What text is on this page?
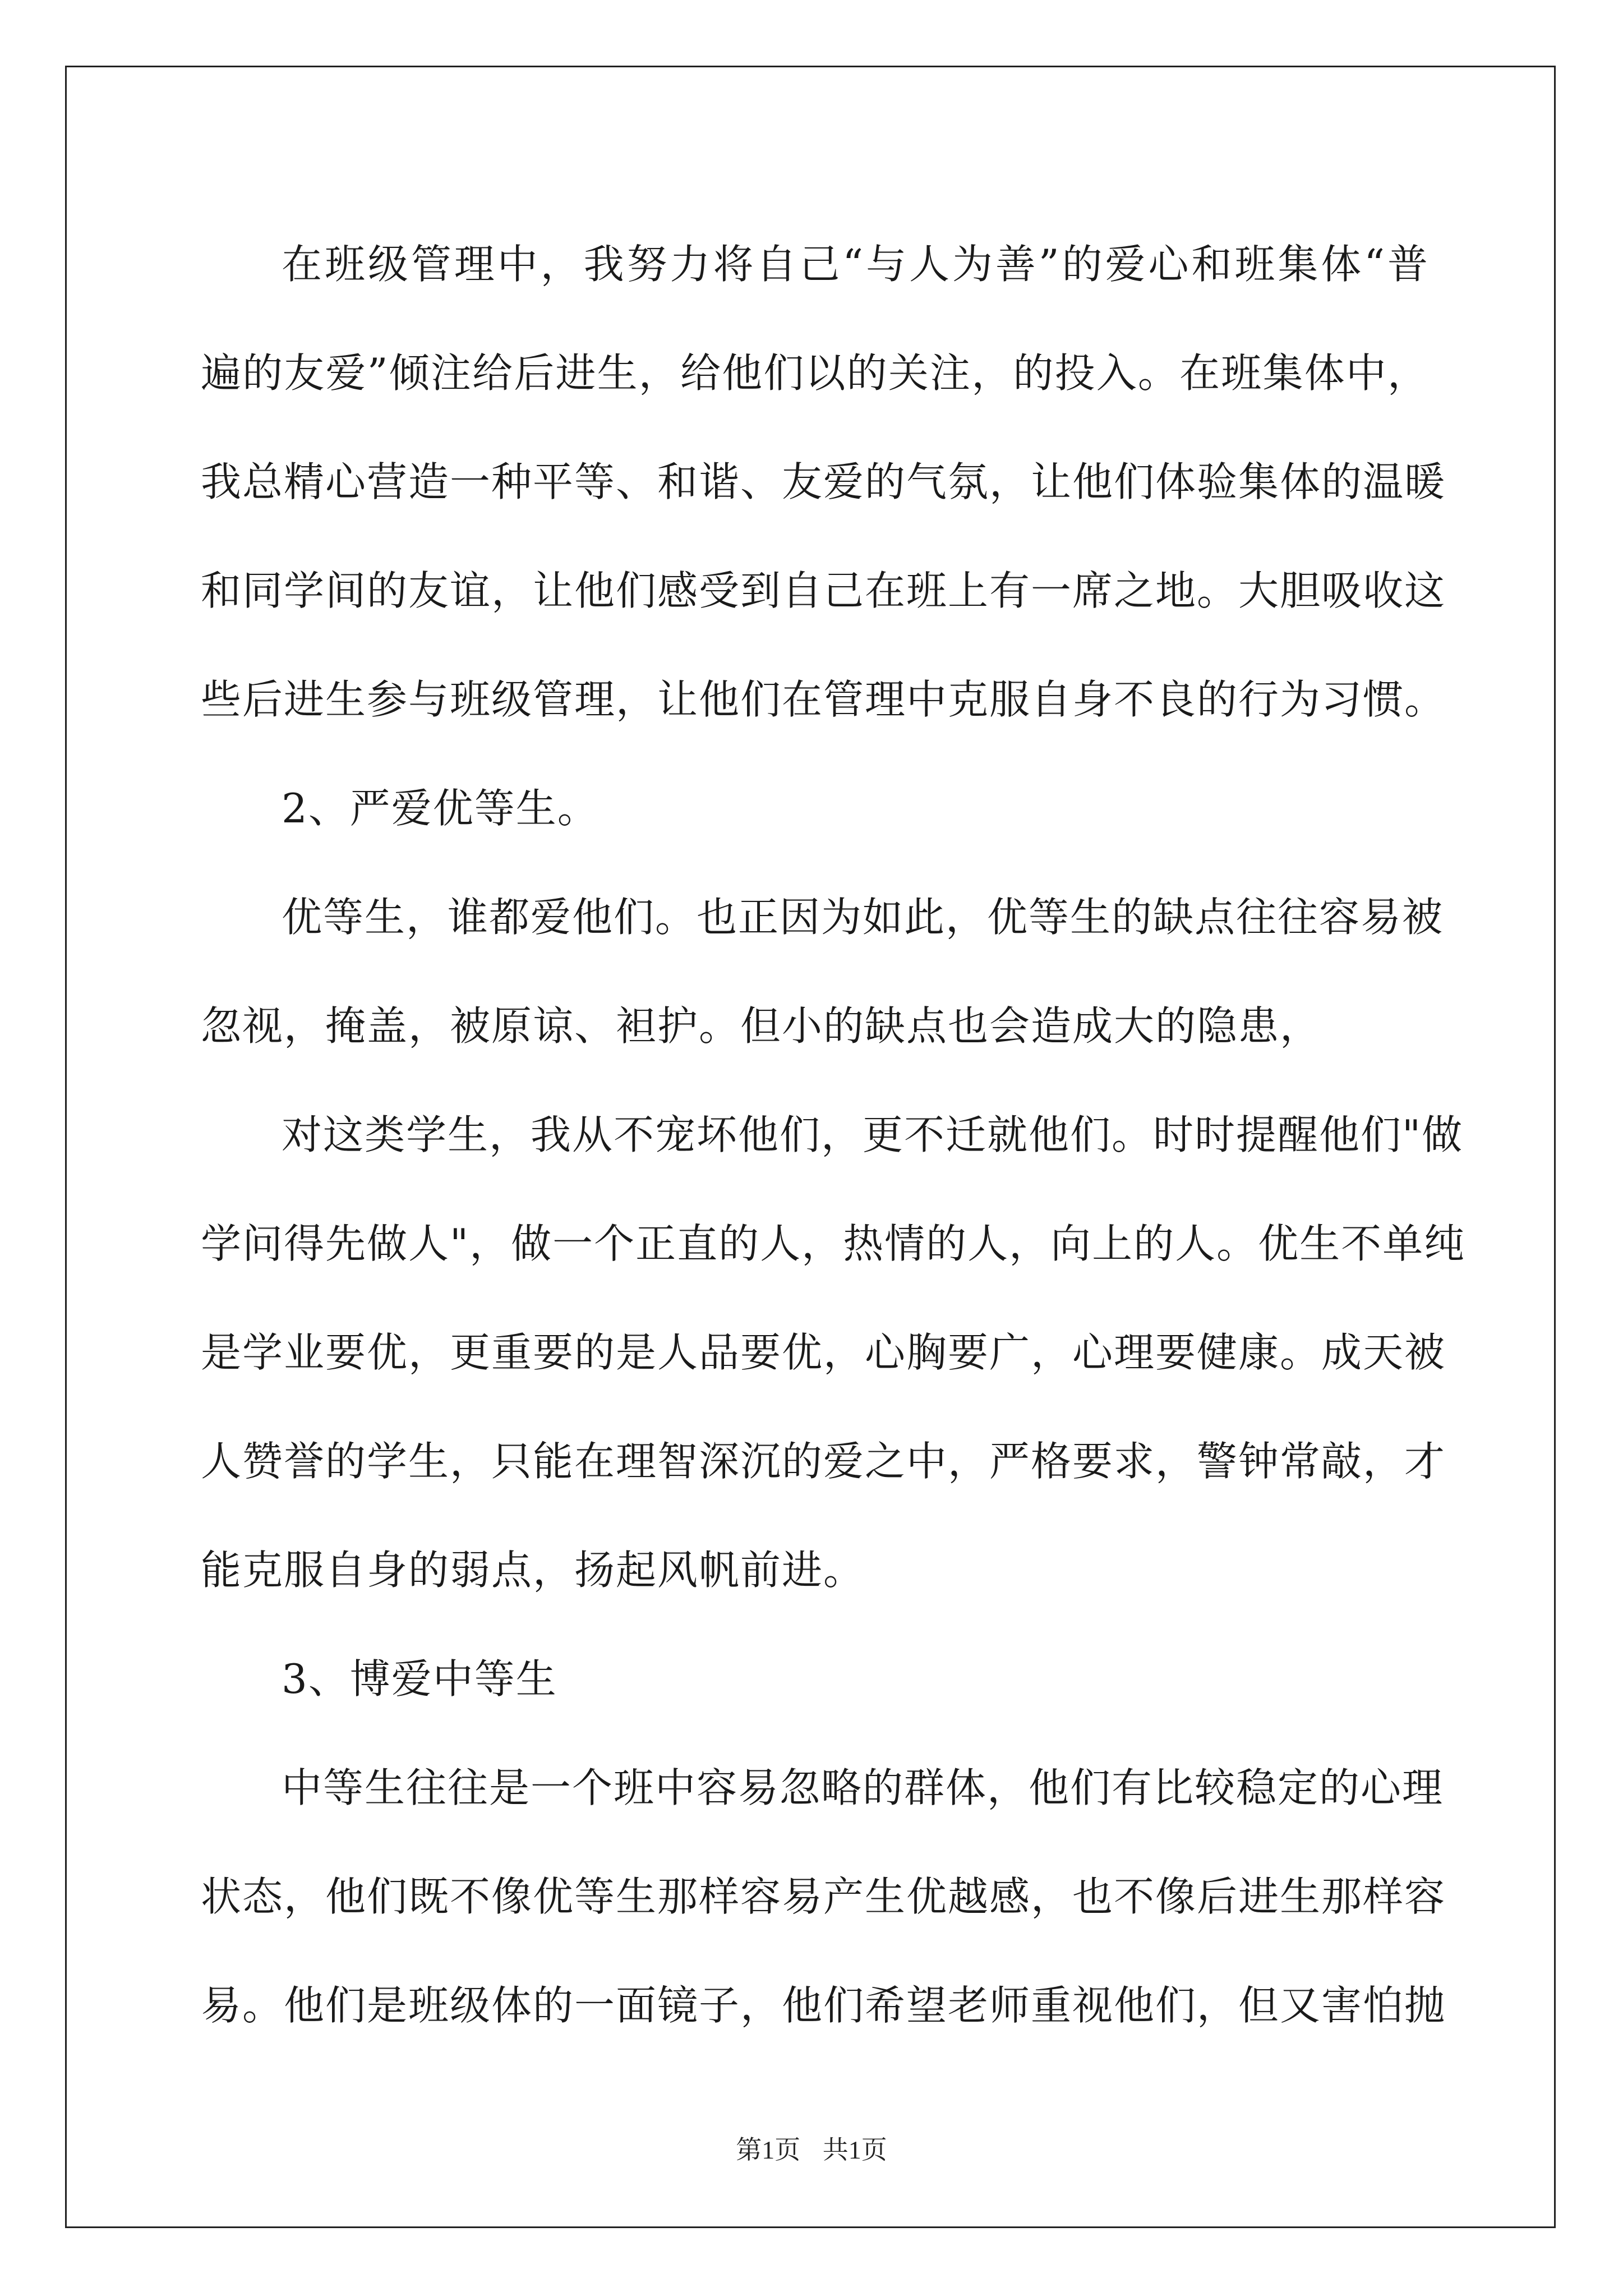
在班级管理中，我努力将自己“与人为善”的爱心和班集体“普
遍的友爱”倾注给后进生，给他们以的关注，的投入。在班集体中，
我总精心营造一种平等、和谐、友爱的气氛，让他们体验集体的温暖
和同学间的友谊，让他们感受到自己在班上有一席之地。大胆吸收这
些后进生参与班级管理，让他们在管理中克服自身不良的行为习惯。
2、严爱优等生。
优等生，谁都爱他们。也正因为如此，优等生的缺点往往容易被
忽视，掩盖，被原谅、袒护。但小的缺点也会造成大的隐患，
对这类学生，我从不宠坏他们，更不迁就他们。时时提醒他们"做
学问得先做人"，做一个正直的人，热情的人，向上的人。优生不单纯
是学业要优，更重要的是人品要优，心胸要广，心理要健康。成天被
人赞誉的学生，只能在理智深沉的爱之中，严格要求，警钟常敲，才
能克服自身的弱点，扬起风帆前进。
3、博爱中等生
中等生往往是一个班中容易忽略的群体，他们有比较稳定的心理
状态，他们既不像优等生那样容易产生优越感，也不像后进生那样容
易。他们是班级体的一面镜子，他们希望老师重视他们，但又害怕抛
第1页 共1页
